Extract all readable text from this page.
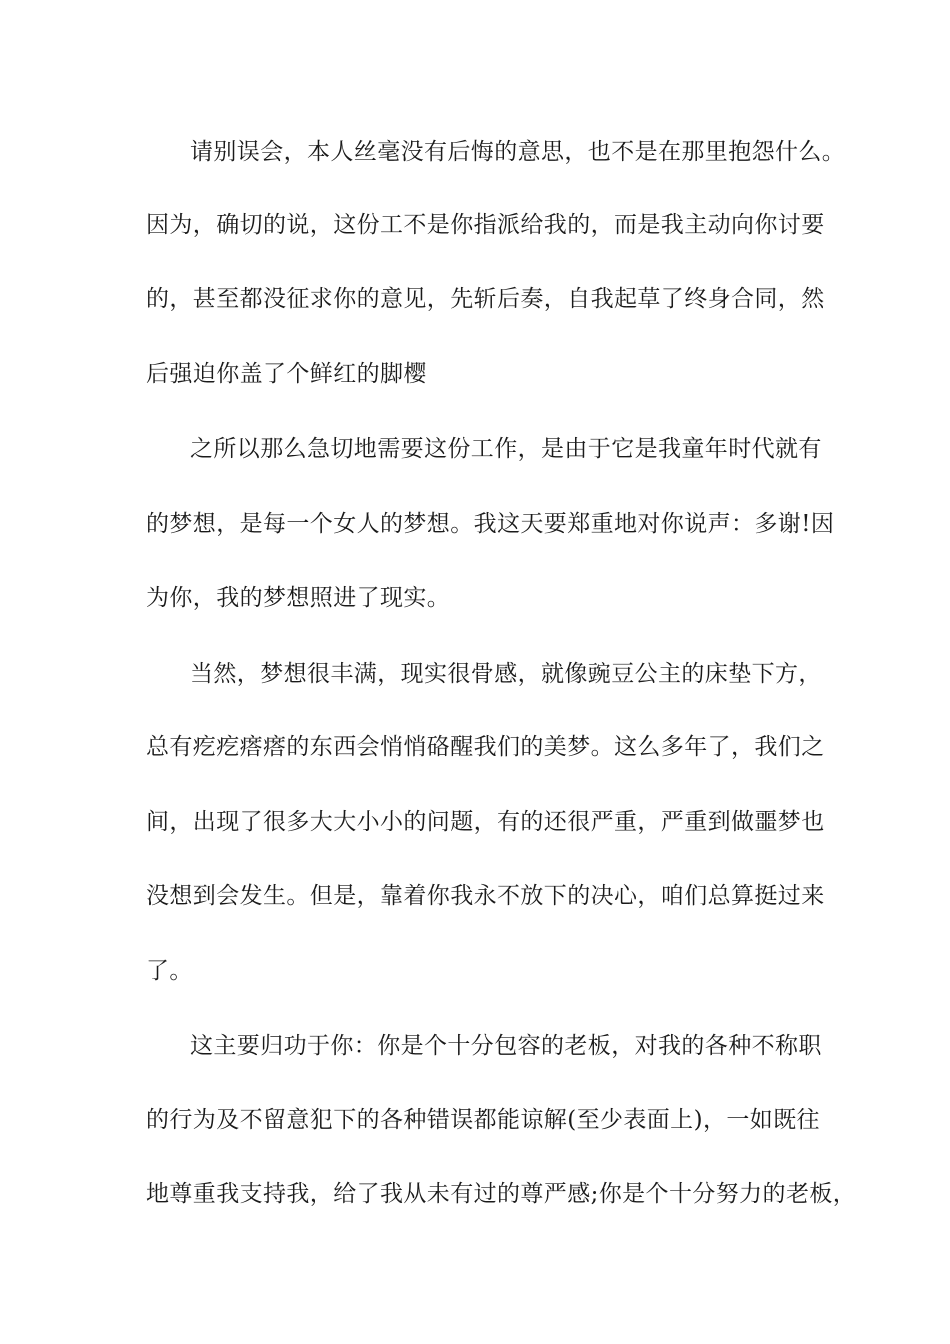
请别误会，本人丝毫没有后悔的意思，也不是在那里抱怨什么。

因为，确切的说，这份工不是你指派给我的，而是我主动向你讨要

的，甚至都没征求你的意见，先斩后奏，自我起草了终身合同，然

后强迫你盖了个鲜红的脚樱

之所以那么急切地需要这份工作，是由于它是我童年时代就有

的梦想，是每一个女人的梦想。我这天要郑重地对你说声：多谢!因

为你，我的梦想照进了现实。

当然，梦想很丰满，现实很骨感，就像豌豆公主的床垫下方，

总有疙疙瘩瘩的东西会悄悄硌醒我们的美梦。这么多年了，我们之

间，出现了很多大大小小的问题，有的还很严重，严重到做噩梦也

没想到会发生。但是，靠着你我永不放下的决心，咱们总算挺过来

了。

这主要归功于你：你是个十分包容的老板，对我的各种不称职

的行为及不留意犯下的各种错误都能谅解(至少表面上)，一如既往

地尊重我支持我，给了我从未有过的尊严感;你是个十分努力的老板，
